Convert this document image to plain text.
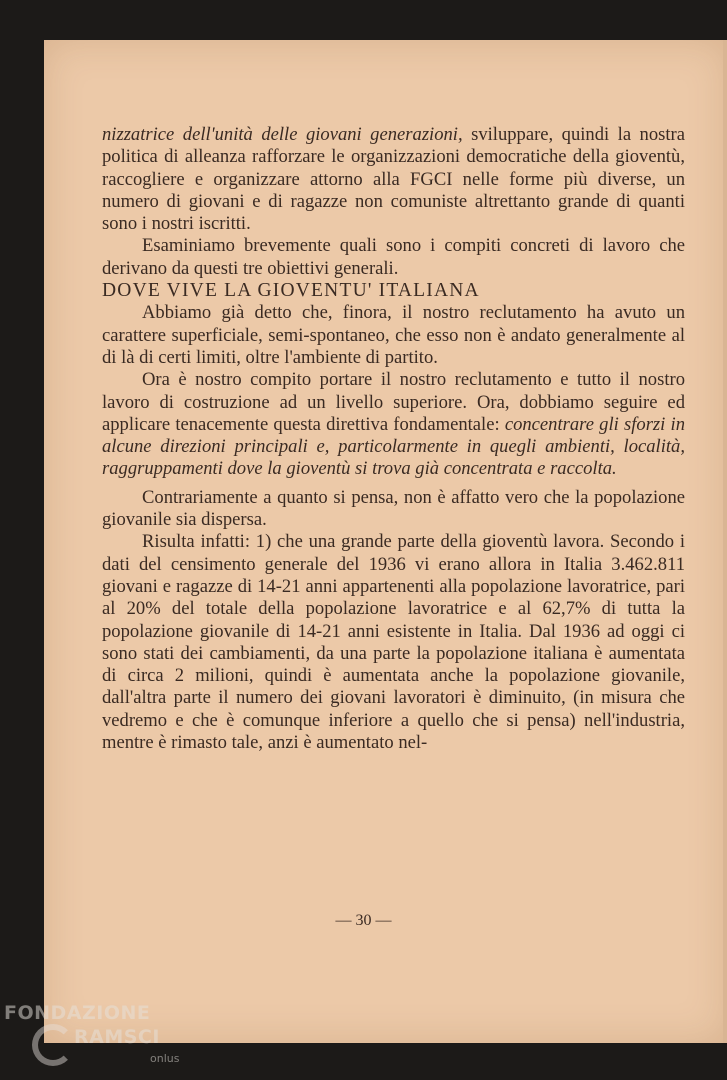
nizzatrice dell'unità delle giovani generazioni, sviluppare, quindi la nostra politica di alleanza rafforzare le organizzazioni democratiche della gioventù, raccogliere e organizzare attorno alla FGCI nelle forme più diverse, un numero di giovani e di ragazze non comuniste altrettanto grande di quanti sono i nostri iscritti.

Esaminiamo brevemente quali sono i compiti concreti di lavoro che derivano da questi tre obiettivi generali.

DOVE VIVE LA GIOVENTU' ITALIANA

Abbiamo già detto che, finora, il nostro reclutamento ha avuto un carattere superficiale, semi-spontaneo, che esso non è andato generalmente al di là di certi limiti, oltre l'ambiente di partito.

Ora è nostro compito portare il nostro reclutamento e tutto il nostro lavoro di costruzione ad un livello superiore. Ora, dobbiamo seguire ed applicare tenacemente questa direttiva fondamentale: concentrare gli sforzi in alcune direzioni principali e, particolarmente in quegli ambienti, località, raggruppamenti dove la gioventù si trova già concentrata e raccolta.

Contrariamente a quanto si pensa, non è affatto vero che la popolazione giovanile sia dispersa.

Risulta infatti: 1) che una grande parte della gioventù lavora. Secondo i dati del censimento generale del 1936 vi erano allora in Italia 3.462.811 giovani e ragazze di 14-21 anni appartenenti alla popolazione lavoratrice, pari al 20% del totale della popolazione lavoratrice e al 62,7% di tutta la popolazione giovanile di 14-21 anni esistente in Italia. Dal 1936 ad oggi ci sono stati dei cambiamenti, da una parte la popolazione italiana è aumentata di circa 2 milioni, quindi è aumentata anche la popolazione giovanile, dall'altra parte il numero dei giovani lavoratori è diminuito, (in misura che vedremo e che è comunque inferiore a quello che si pensa) nell'industria, mentre è rimasto tale, anzi è aumentato nel-

— 30 —
FONDAZIONE
RAMSCI
onlus
